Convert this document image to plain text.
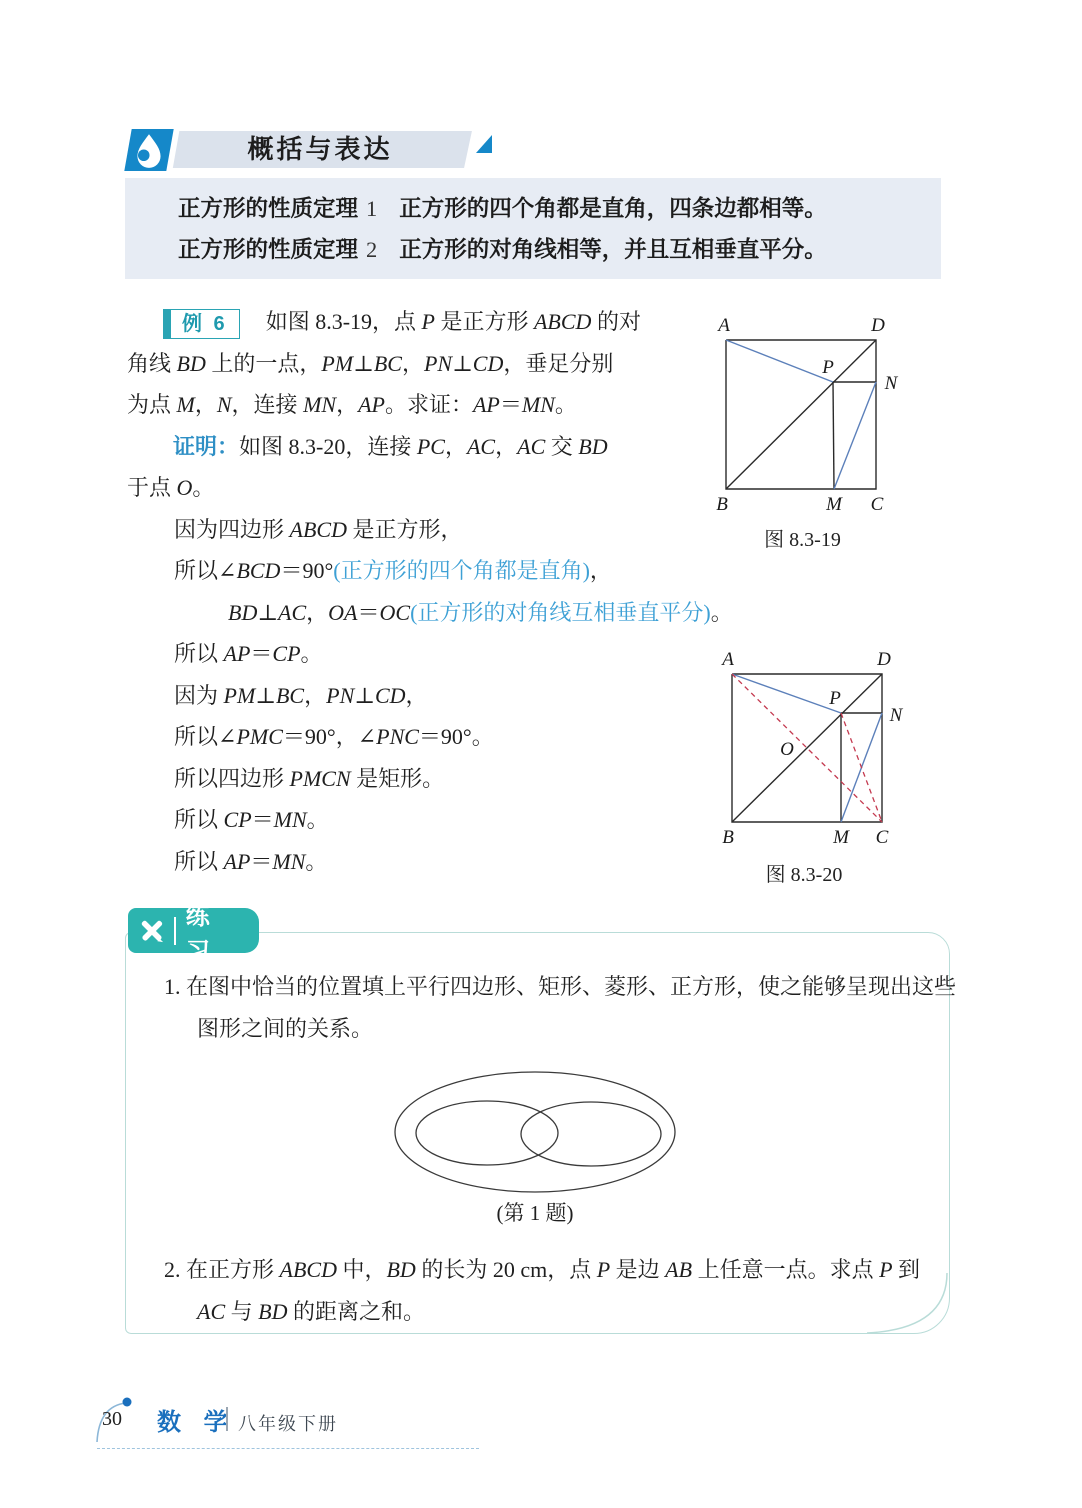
概括与表达
正方形的性质定理 1 正方形的四个角都是直角，四条边都相等。
正方形的性质定理 2 正方形的对角线相等，并且互相垂直平分。
例 6 如图 8.3-19，点 P 是正方形 ABCD 的对
角线 BD 上的一点，PM⊥BC，PN⊥CD，垂足分别
为点 M，N，连接 MN，AP。求证：AP＝MN。
证明：如图 8.3-20，连接 PC，AC，AC 交 BD
于点 O。
因为四边形 ABCD 是正方形，
所以∠BCD＝90°(正方形的四个角都是直角)，
BD⊥AC，OA＝OC(正方形的对角线互相垂直平分)。
所以 AP＝CP。
因为 PM⊥BC，PN⊥CD，
所以∠PMC＝90°，∠PNC＝90°。
所以四边形 PMCN 是矩形。
所以 CP＝MN。
所以 AP＝MN。
A	D
P
N
B	M C
图 8.3-19
A	D
P
N
O
B	M C
图 8.3-20
练 习
1. 在图中恰当的位置填上平行四边形、矩形、菱形、正方形，使之能够呈现出这些
图形之间的关系。
(第 1 题)
2. 在正方形 ABCD 中，BD 的长为 20 cm，点 P 是边 AB 上任意一点。求点 P 到
AC 与 BD 的距离之和。
30 数 学 八年级下册
